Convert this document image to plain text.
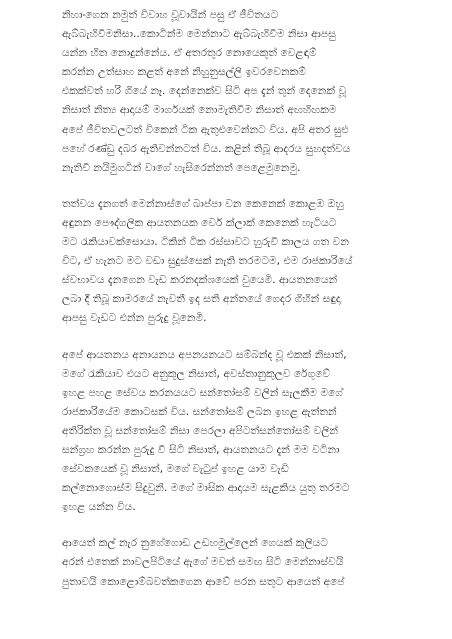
නිහාංගෙන නමුත් විවාහ වූවායින් පසු ඒ ජීවිතයට
ඇබ්බැහිවීමනිසා..කොටින්ම මෙන්නාට ඇබ්බැහිවීම නිසා ආපසු
යන්න හිත නොදුන්නේය. ඒ අතරතුර නොයෙකුත් වෙළඳාම්
කරන්න උත්සාහ කළත් අනේ නිහුනුසල්ලි ඉවරවෙනකම්
එකක්වත් හරි ගියේ නෑ. දෙන්නෙක්ව සිටි අප දැන් තුන් දෙනෙක් වූ
නිසාත් නිත්‍ය ආදායම් මාර්ගයක් නොමැතිවීම නිසාත් අඟහිඟකම
අපේ ජීවිතවලටත් විකෙන් ටික ඇතුළුවෙන්නට විය. අපි අතර සුළු
පහේ රණ්ඩු දබර ඇතිවන්නටත් විය. කළින් තිබූ ආදරය සුහදත්වය
නැතිවී නයිමුගටින් වාගේ හැසිරෙන්නත් පෙළෙමුනෙමු.

තත්වය දැනගත් මෙන්නාස්ගේ බාප්පා වන කෙනෙක් කොළඹ ඔහු
අඳුනන පෞද්ගලික ආයතනයක වෙර් ක්ලාක් කෙනෙක් හැටියට
මට රැකියාවක්සොයා. ටිකින් ටික රස්සාවට හුරුවී කාලය ගත වන
විට, ඒ හැනට මට වඩා සුදුස්සෙක් නැති තරමටම, එම රාජකාරියේ
ස්වභාවය දැනගෙන වැඩ කරනදක්ශයෙක් වුයෙමි. ආයතනයෙන්
ලබා දී තිබූ කාමරයේ නැවතී ඉද සති අන්තයේ ගෙදර ගිහින් සඳුදා
ආපසු වැඩට එන්න පුරුදු වූනෙමි.

අපේ ආයතනය අනායනය අපනයනයට සම්බන්ද වූ එකක් නිසාත්,
මගේ රැකියාව එයට අනුකූල නිසාත්, අවස්තානුකුලව රේගුවේ
ඉහළ පහළ සේවය කරනයයට සන්තෝසම් වලින් සැලකීම මගේ
රාජකාරියේම කොටසක් විය. සන්තෝසම් ලබන ඉහළ ඇත්තන්
අතිරික්ත වූ සන්තෝසම් නිසා පෙරලා අපිටත්සන්තෝසම් වලින්
සන්ග්‍රහ කරන්න පුරුදු වී සිටි නිසාත්, ආයතනයට දැන් මම වටිනා
සේවකයෙක් වූ නිසාත්, මගේ වැටුප් ඉහළ යාම වැඩි
කල්නොගොස්ම සිදුවුනි. මගේ මාසික ආදායම සැළකිය යුතු තරමට
ඉහළ යන්න විය.

ආයෙත් කල් නැර නුගේගොඩ උඩහමුල්ලෙන් ගෙයක් කුලියට
අරන් එතෙක් නාවලපිටියේ ඇගේ මවත් සමඟ සිටි මෙන්නාස්වයි
පුතාවයි කොළොම්බවත්කගෙන ආවේ පරන සතුට ආයෙත් අපේ
